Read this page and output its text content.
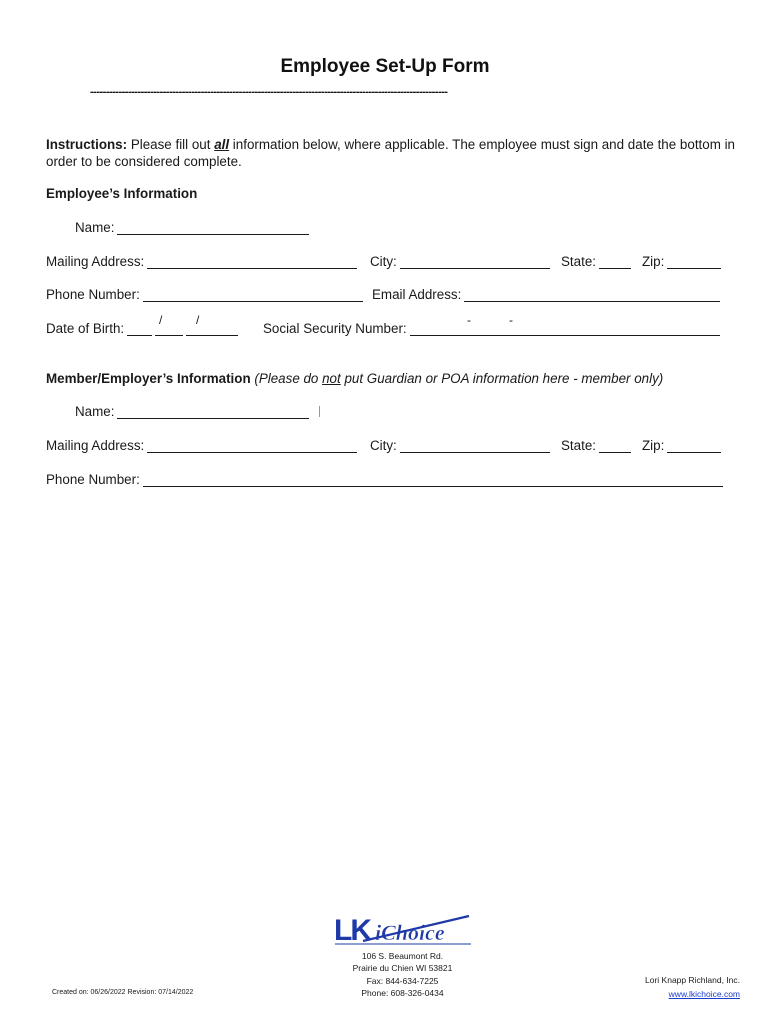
Employee Set-Up Form
-----------------------------------------------------------------------------------------------------------------
Instructions: Please fill out all information below, where applicable. The employee must sign and date the bottom in order to be considered complete.
Employee’s Information
Name:
Mailing Address:	City:	State:	Zip:
Phone Number:	Email Address:
Date of Birth:
/	/
Social Security Number:
-	-
Member/Employer’s Information (Please do not put Guardian or POA information here - member only)
Name:
Mailing Address:	City:	State:	Zip:
Phone Number:
LK iChoice
106 S. Beaumont Rd.
Prairie du Chien WI 53821
Fax: 844-634-7225
Phone: 608-326-0434
Created on: 06/26/2022 Revision: 07/14/2022
Lori Knapp Richland, Inc.
www.lkichoice.com
